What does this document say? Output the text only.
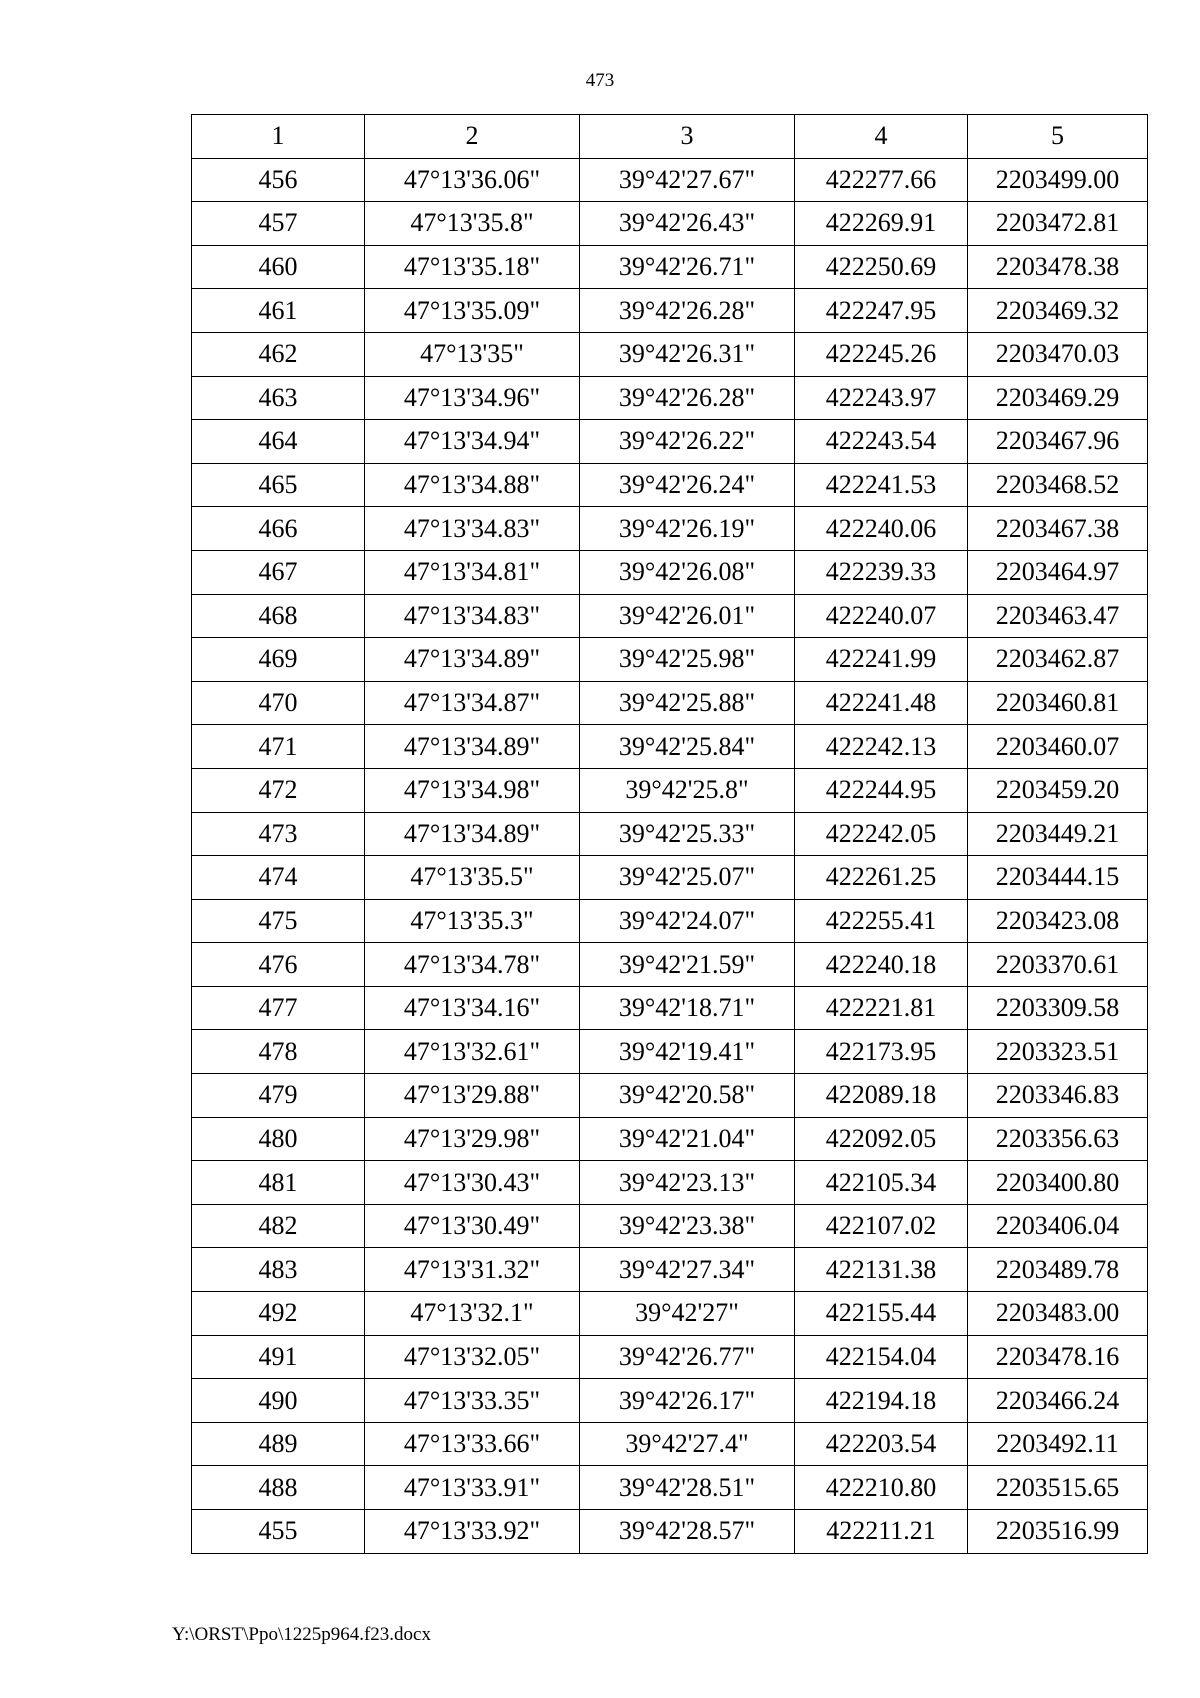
473
1	2	3	4	5
456	47°13'36.06"	39°42'27.67"	422277.66	2203499.00
457	47°13'35.8"	39°42'26.43"	422269.91	2203472.81
460	47°13'35.18"	39°42'26.71"	422250.69	2203478.38
461	47°13'35.09"	39°42'26.28"	422247.95	2203469.32
462	47°13'35"	39°42'26.31"	422245.26	2203470.03
463	47°13'34.96"	39°42'26.28"	422243.97	2203469.29
464	47°13'34.94"	39°42'26.22"	422243.54	2203467.96
465	47°13'34.88"	39°42'26.24"	422241.53	2203468.52
466	47°13'34.83"	39°42'26.19"	422240.06	2203467.38
467	47°13'34.81"	39°42'26.08"	422239.33	2203464.97
468	47°13'34.83"	39°42'26.01"	422240.07	2203463.47
469	47°13'34.89"	39°42'25.98"	422241.99	2203462.87
470	47°13'34.87"	39°42'25.88"	422241.48	2203460.81
471	47°13'34.89"	39°42'25.84"	422242.13	2203460.07
472	47°13'34.98"	39°42'25.8"	422244.95	2203459.20
473	47°13'34.89"	39°42'25.33"	422242.05	2203449.21
474	47°13'35.5"	39°42'25.07"	422261.25	2203444.15
475	47°13'35.3"	39°42'24.07"	422255.41	2203423.08
476	47°13'34.78"	39°42'21.59"	422240.18	2203370.61
477	47°13'34.16"	39°42'18.71"	422221.81	2203309.58
478	47°13'32.61"	39°42'19.41"	422173.95	2203323.51
479	47°13'29.88"	39°42'20.58"	422089.18	2203346.83
480	47°13'29.98"	39°42'21.04"	422092.05	2203356.63
481	47°13'30.43"	39°42'23.13"	422105.34	2203400.80
482	47°13'30.49"	39°42'23.38"	422107.02	2203406.04
483	47°13'31.32"	39°42'27.34"	422131.38	2203489.78
492	47°13'32.1"	39°42'27"	422155.44	2203483.00
491	47°13'32.05"	39°42'26.77"	422154.04	2203478.16
490	47°13'33.35"	39°42'26.17"	422194.18	2203466.24
489	47°13'33.66"	39°42'27.4"	422203.54	2203492.11
488	47°13'33.91"	39°42'28.51"	422210.80	2203515.65
455	47°13'33.92"	39°42'28.57"	422211.21	2203516.99
Y:\ORST\Ppo\1225p964.f23.docx
